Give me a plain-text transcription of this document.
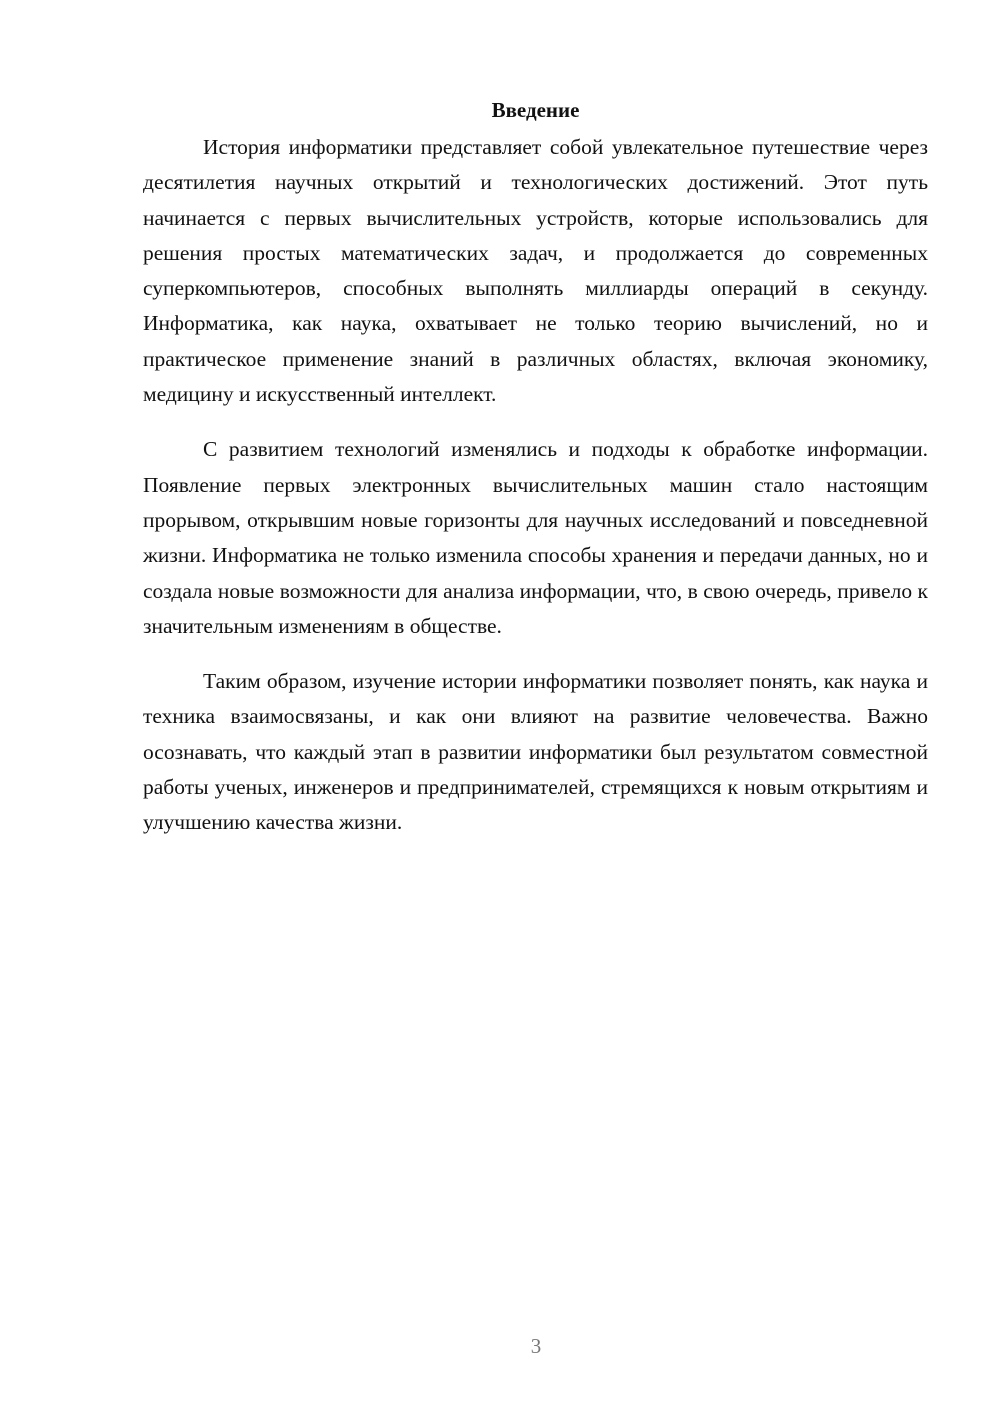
Введение

История информатики представляет собой увлекательное путешествие через десятилетия научных открытий и технологических достижений. Этот путь начинается с первых вычислительных устройств, которые использовались для решения простых математических задач, и продолжается до современных суперкомпьютеров, способных выполнять миллиарды операций в секунду. Информатика, как наука, охватывает не только теорию вычислений, но и практическое применение знаний в различных областях, включая экономику, медицину и искусственный интеллект.

С развитием технологий изменялись и подходы к обработке информации. Появление первых электронных вычислительных машин стало настоящим прорывом, открывшим новые горизонты для научных исследований и повседневной жизни. Информатика не только изменила способы хранения и передачи данных, но и создала новые возможности для анализа информации, что, в свою очередь, привело к значительным изменениям в обществе.

Таким образом, изучение истории информатики позволяет понять, как наука и техника взаимосвязаны, и как они влияют на развитие человечества. Важно осознавать, что каждый этап в развитии информатики был результатом совместной работы ученых, инженеров и предпринимателей, стремящихся к новым открытиям и улучшению качества жизни.

3
